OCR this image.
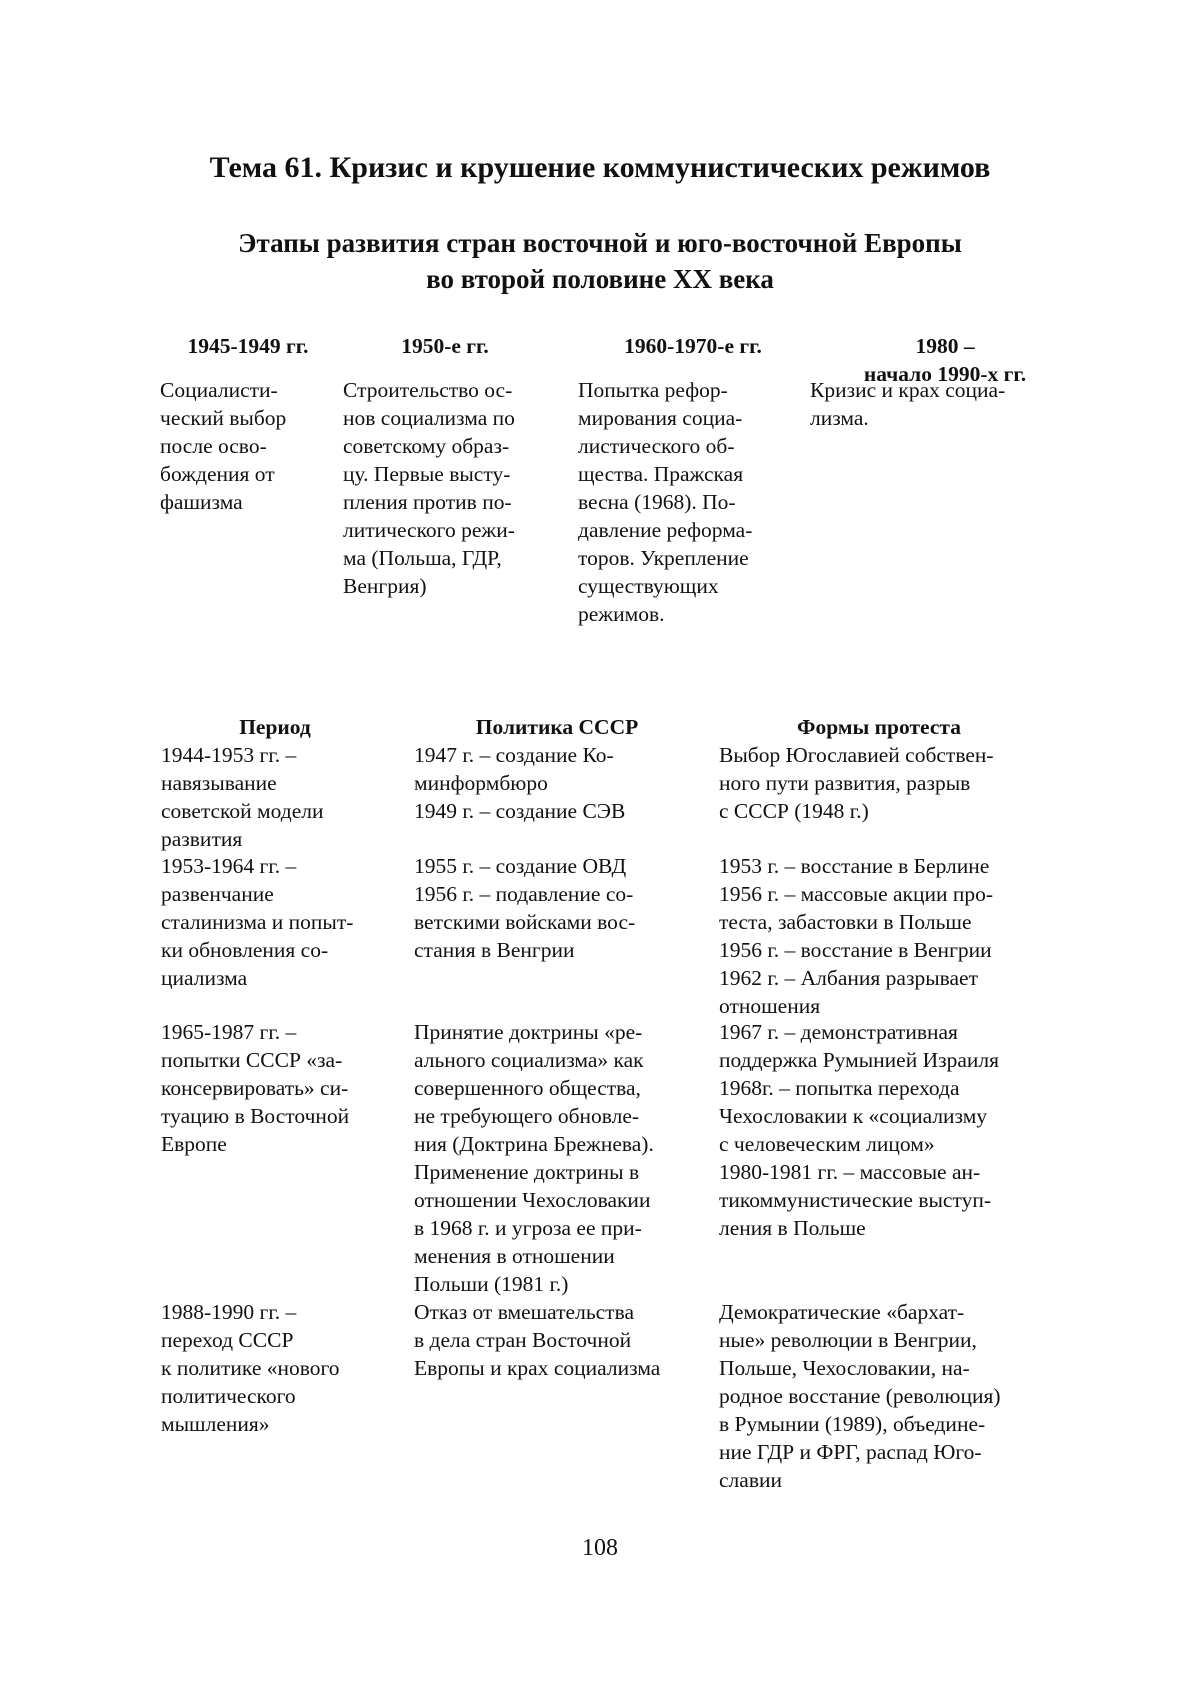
Тема 61. Кризис и крушение коммунистических режимов
Этапы развития стран восточной и юго-восточной Европы
во второй половине XX века
1945-1949 гг.
Социалисти-
ческий выбор
после осво-
бождения от
фашизма
1950-е гг.
Строительство ос-
нов социализма по
советскому образ-
цу. Первые высту-
пления против по-
литического режи-
ма (Польша, ГДР,
Венгрия)
1960-1970-е гг.
Попытка рефор-
мирования социа-
листического об-
щества. Пражская
весна (1968). По-
давление реформа-
торов. Укрепление
существующих
режимов.
1980 –
начало 1990-х гг.
Кризис и крах социа-
лизма.
Период	Политика СССР	Формы протеста
1944-1953 гг. –
навязывание
советской модели
развития
1947 г. – создание Ко-
минформбюро
1949 г. – создание СЭВ
Выбор Югославией собствен-
ного пути развития, разрыв
с СССР (1948 г.)
1953-1964 гг. –
развенчание
сталинизма и попыт-
ки обновления со-
циализма
1955 г. – создание ОВД
1956 г. – подавление со-
ветскими войсками вос-
стания в Венгрии
1953 г. – восстание в Берлине
1956 г. – массовые акции про-
теста, забастовки в Польше
1956 г. – восстание в Венгрии
1962 г. – Албания разрывает
отношения
1965-1987 гг. –
попытки СССР «за-
консервировать» си-
туацию в Восточной
Европе
Принятие доктрины «ре-
ального социализма» как
совершенного общества,
не требующего обновле-
ния (Доктрина Брежнева).
Применение доктрины в
отношении Чехословакии
в 1968 г. и угроза ее при-
менения в отношении
Польши (1981 г.)
1967 г. – демонстративная
поддержка Румынией Израиля
1968г. – попытка перехода
Чехословакии к «социализму
с человеческим лицом»
1980-1981 гг. – массовые ан-
тикоммунистические выступ-
ления в Польше
1988-1990 гг. –
переход СССР
к политике «нового
политического
мышления»
Отказ от вмешательства
в дела стран Восточной
Европы и крах социализма
Демократические «бархат-
ные» революции в Венгрии,
Польше, Чехословакии, на-
родное восстание (революция)
в Румынии (1989), объедине-
ние ГДР и ФРГ, распад Юго-
славии
108
